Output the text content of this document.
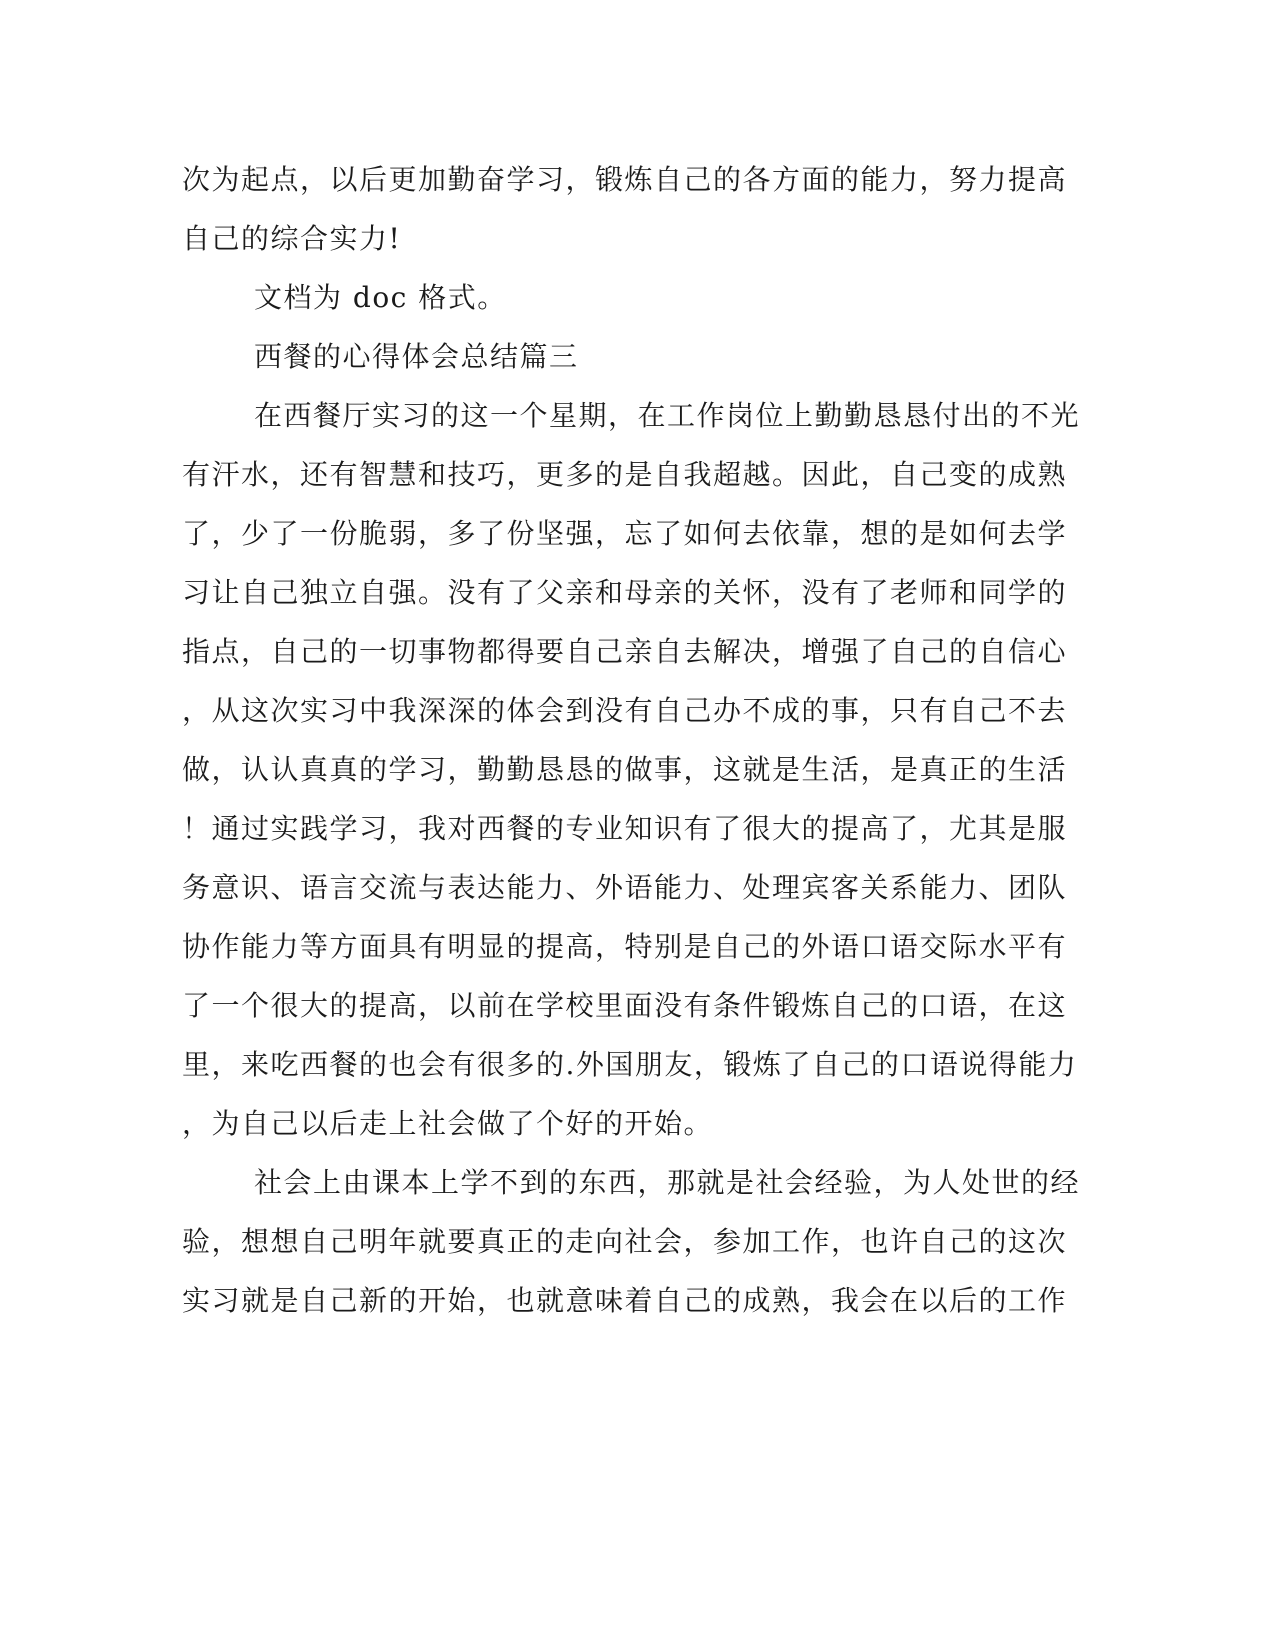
次为起点，以后更加勤奋学习，锻炼自己的各方面的能力，努力提高
自己的综合实力!
文档为 doc 格式。
西餐的心得体会总结篇三
在西餐厅实习的这一个星期，在工作岗位上勤勤恳恳付出的不光
有汗水，还有智慧和技巧，更多的是自我超越。因此，自己变的成熟
了，少了一份脆弱，多了份坚强，忘了如何去依靠，想的是如何去学
习让自己独立自强。没有了父亲和母亲的关怀，没有了老师和同学的
指点，自己的一切事物都得要自己亲自去解决，增强了自己的自信心
，从这次实习中我深深的体会到没有自己办不成的事，只有自己不去
做，认认真真的学习，勤勤恳恳的做事，这就是生活，是真正的生活
！通过实践学习，我对西餐的专业知识有了很大的提高了，尤其是服
务意识、语言交流与表达能力、外语能力、处理宾客关系能力、团队
协作能力等方面具有明显的提高，特别是自己的外语口语交际水平有
了一个很大的提高，以前在学校里面没有条件锻炼自己的口语，在这
里，来吃西餐的也会有很多的.外国朋友，锻炼了自己的口语说得能力
，为自己以后走上社会做了个好的开始。
社会上由课本上学不到的东西，那就是社会经验，为人处世的经
验，想想自己明年就要真正的走向社会，参加工作，也许自己的这次
实习就是自己新的开始，也就意味着自己的成熟，我会在以后的工作
